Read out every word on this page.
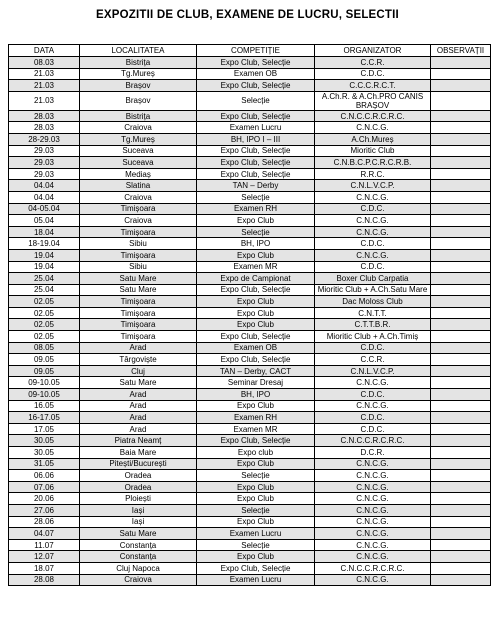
EXPOZITII DE CLUB, EXAMENE DE LUCRU, SELECTII
DATA	LOCALITATEA	COMPETIȚIE	ORGANIZATOR	OBSERVAȚII
08.03	Bistrița	Expo Club, Selecție	C.C.R.	
21.03	Tg.Mureș	Examen OB	C.D.C.	
21.03	Brașov	Expo Club, Selecție	C.C.C.R.C.T.	
21.03	Brașov	Selecție	A.Ch.R. & A.Ch.PRO CANIS BRAȘOV	
28.03	Bistrița	Expo Club, Selecție	C.N.C.C.R.C.R.C.	
28.03	Craiova	Examen Lucru	C.N.C.G.	
28-29.03	Tg.Mureș	BH, IPO I – III	A.Ch.Mureș	
29.03	Suceava	Expo Club, Selecție	Mioritic Club	
29.03	Suceava	Expo Club, Selecție	C.N.B.C.P.C.R.C.R.B.	
29.03	Mediaș	Expo Club, Selecție	R.R.C.	
04.04	Slatina	TAN – Derby	C.N.L.V.C.P.	
04.04	Craiova	Selecție	C.N.C.G.	
04-05.04	Timișoara	Examen RH	C.D.C.	
05.04	Craiova	Expo Club	C.N.C.G.	
18.04	Timișoara	Selecție	C.N.C.G.	
18-19.04	Sibiu	BH, IPO	C.D.C.	
19.04	Timișoara	Expo Club	C.N.C.G.	
19.04	Sibiu	Examen MR	C.D.C.	
25.04	Satu Mare	Expo de Campionat	Boxer Club Carpatia	
25.04	Satu Mare	Expo Club, Selecție	Mioritic Club + A.Ch.Satu Mare	
02.05	Timișoara	Expo Club	Dac Moloss Club	
02.05	Timișoara	Expo Club	C.N.T.T.	
02.05	Timișoara	Expo Club	C.T.T.B.R.	
02.05	Timișoara	Expo Club, Selecție	Mioritic Club + A.Ch.Timiș	
08.05	Arad	Examen OB	C.D.C.	
09.05	Târgoviște	Expo Club, Selecție	C.C.R.	
09.05	Cluj	TAN – Derby, CACT	C.N.L.V.C.P.	
09-10.05	Satu Mare	Seminar Dresaj	C.N.C.G.	
09-10.05	Arad	BH, IPO	C.D.C.	
16.05	Arad	Expo Club	C.N.C.G.	
16-17.05	Arad	Examen RH	C.D.C.	
17.05	Arad	Examen MR	C.D.C.	
30.05	Piatra Neamț	Expo Club, Selecție	C.N.C.C.R.C.R.C.	
30.05	Baia Mare	Expo club	D.C.R.	
31.05	Pitești/București	Expo Club	C.N.C.G.	
06.06	Oradea	Selecție	C.N.C.G.	
07.06	Oradea	Expo Club	C.N.C.G.	
20.06	Ploiești	Expo Club	C.N.C.G.	
27.06	Iași	Selecție	C.N.C.G.	
28.06	Iași	Expo Club	C.N.C.G.	
04.07	Satu Mare	Examen Lucru	C.N.C.G.	
11.07	Constanța	Selecție	C.N.C.G.	
12.07	Constanța	Expo Club	C.N.C.G.	
18.07	Cluj Napoca	Expo Club, Selecție	C.N.C.C.R.C.R.C.	
28.08	Craiova	Examen Lucru	C.N.C.G.	
